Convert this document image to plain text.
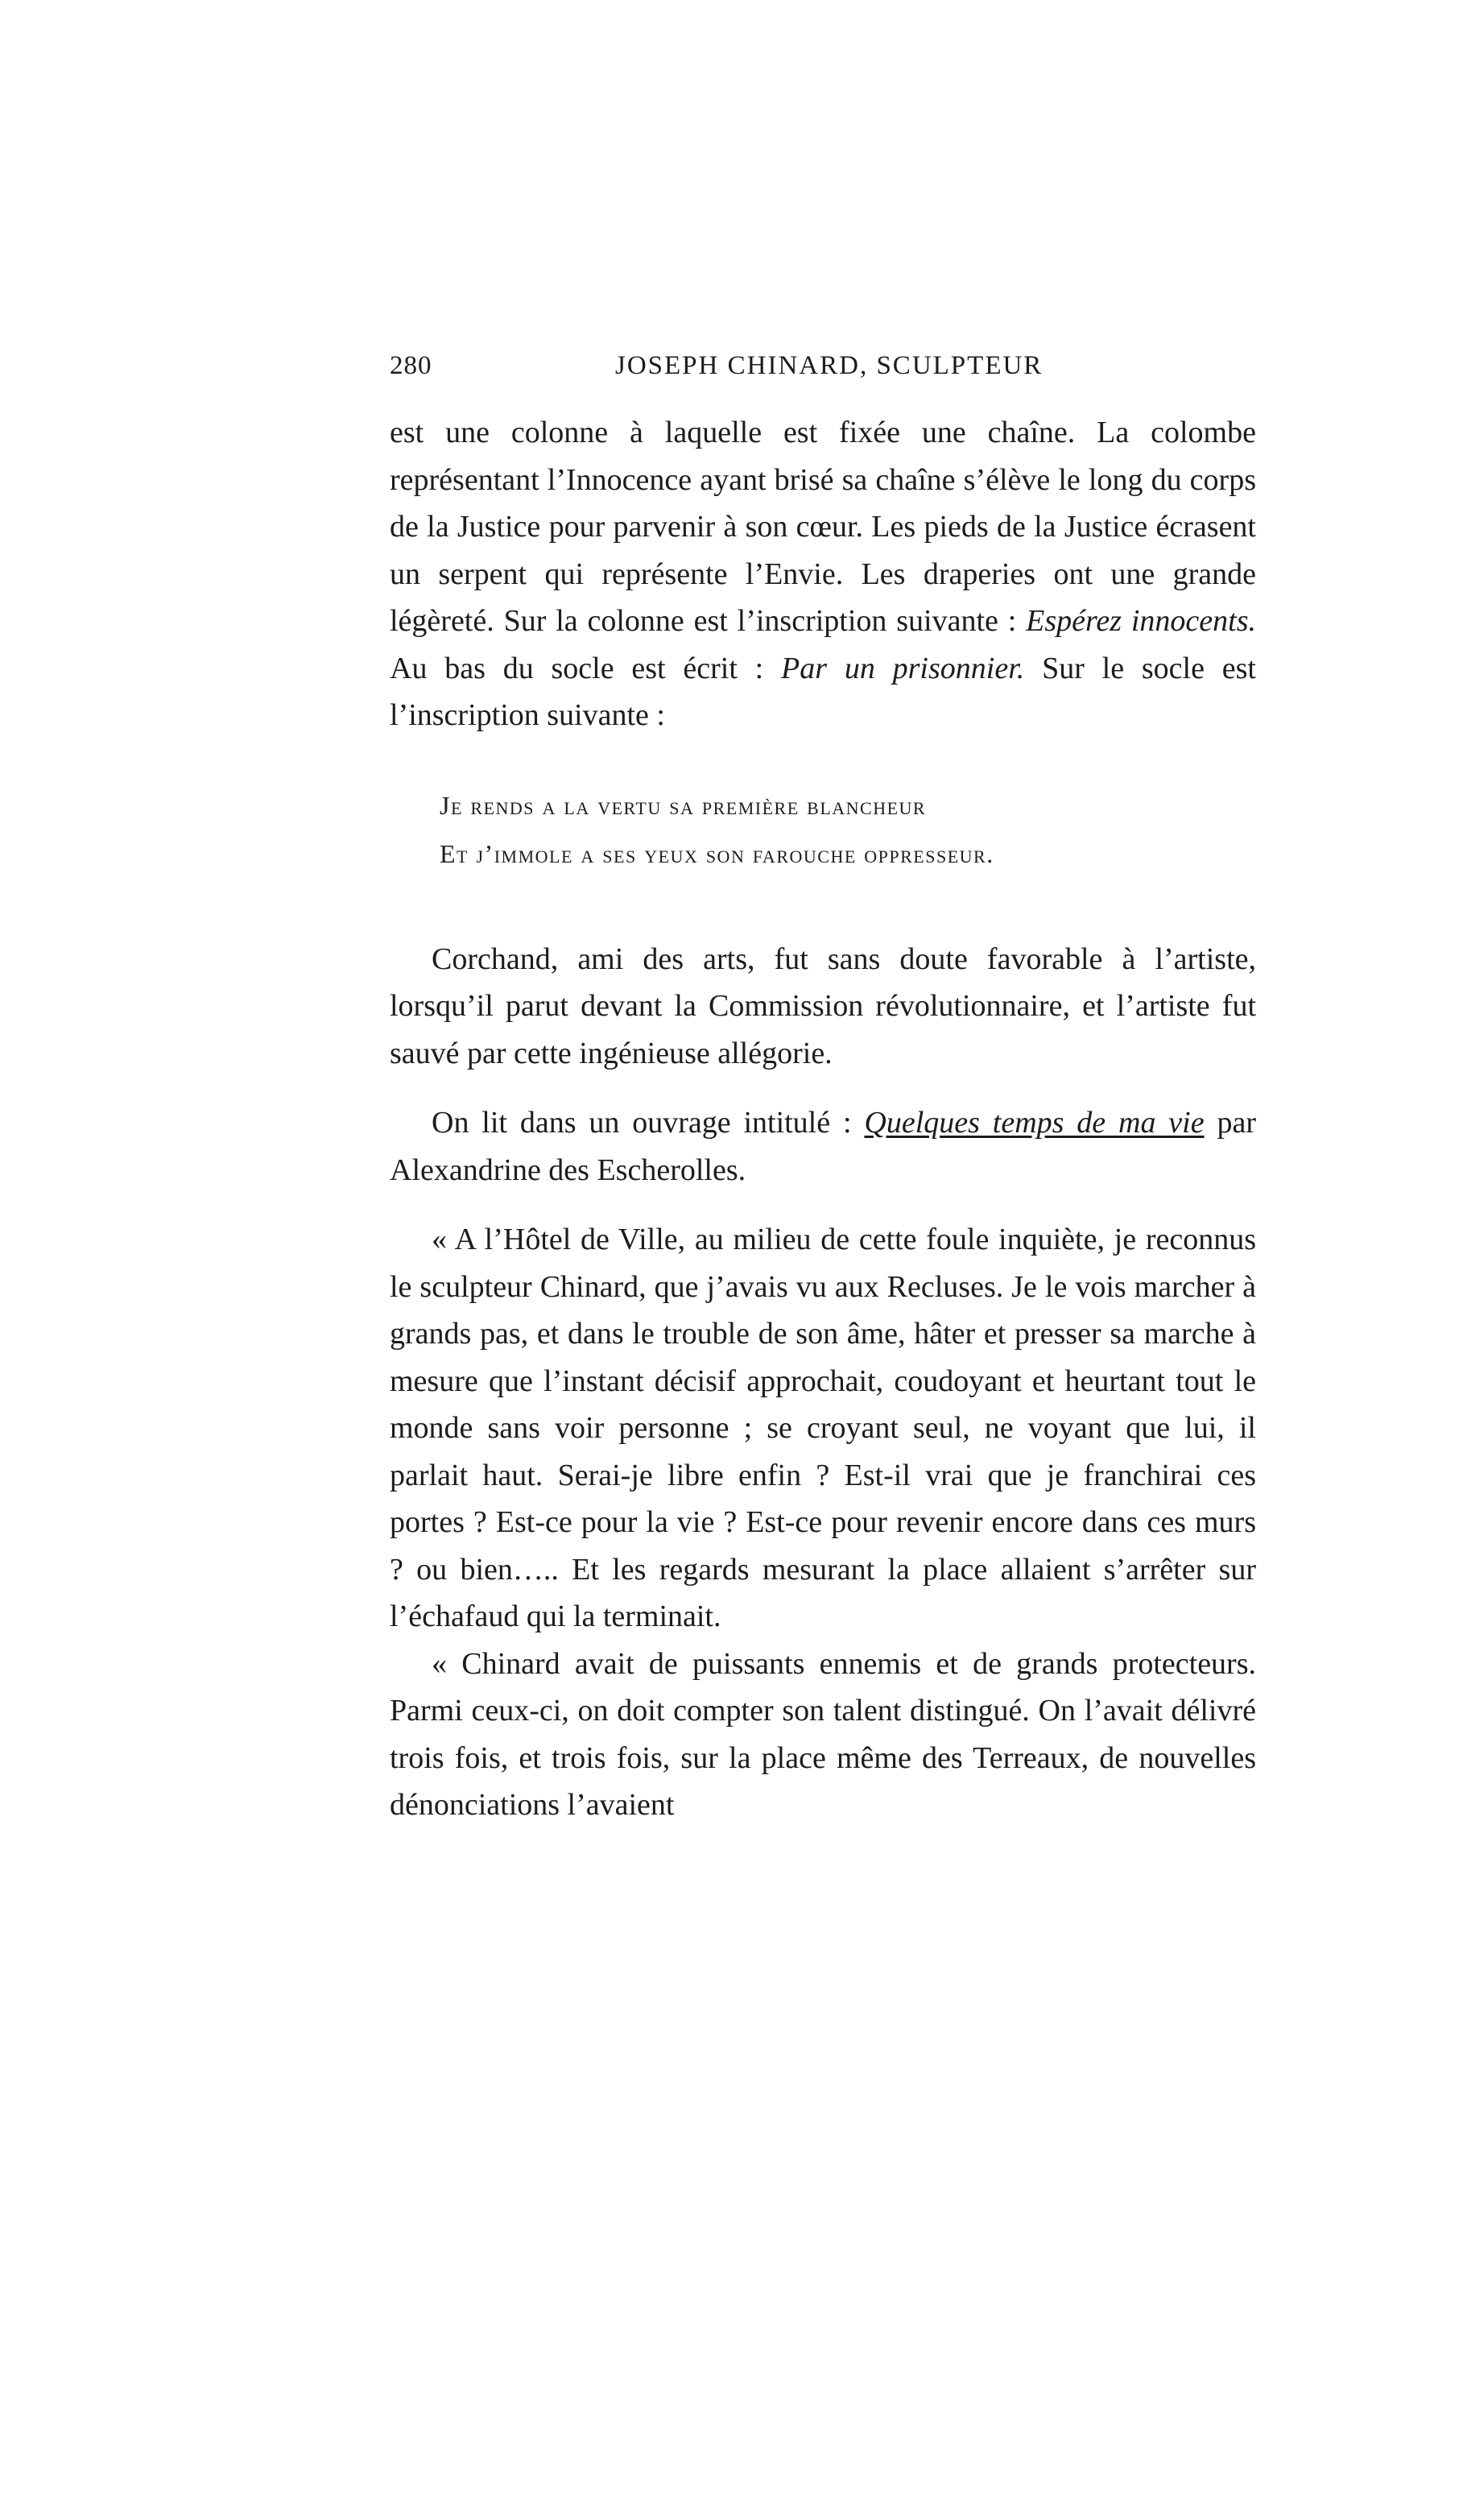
280	JOSEPH CHINARD, SCULPTEUR

est une colonne à laquelle est fixée une chaîne. La colombe représentant l’Innocence ayant brisé sa chaîne s’élève le long du corps de la Justice pour parvenir à son cœur. Les pieds de la Justice écrasent un serpent qui représente l’Envie. Les draperies ont une grande légèreté. Sur la colonne est l’inscription suivante : Espérez innocents. Au bas du socle est écrit : Par un prisonnier. Sur le socle est l’inscription suivante :

Je rends a la vertu sa première blancheur
Et j’immole a ses yeux son farouche oppresseur.

Corchand, ami des arts, fut sans doute favorable à l’artiste, lorsqu’il parut devant la Commission révolutionnaire, et l’artiste fut sauvé par cette ingénieuse allégorie.

On lit dans un ouvrage intitulé : Quelques temps de ma vie par Alexandrine des Escherolles.

« A l’Hôtel de Ville, au milieu de cette foule inquiète, je reconnus le sculpteur Chinard, que j’avais vu aux Recluses. Je le vois marcher à grands pas, et dans le trouble de son âme, hâter et presser sa marche à mesure que l’instant décisif approchait, coudoyant et heurtant tout le monde sans voir personne ; se croyant seul, ne voyant que lui, il parlait haut. Serai-je libre enfin ? Est-il vrai que je franchirai ces portes ? Est-ce pour la vie ? Est-ce pour revenir encore dans ces murs ? ou bien….. Et les regards mesurant la place allaient s’arrêter sur l’échafaud qui la terminait.

« Chinard avait de puissants ennemis et de grands protecteurs. Parmi ceux-ci, on doit compter son talent distingué. On l’avait délivré trois fois, et trois fois, sur la place même des Terreaux, de nouvelles dénonciations l’avaient
